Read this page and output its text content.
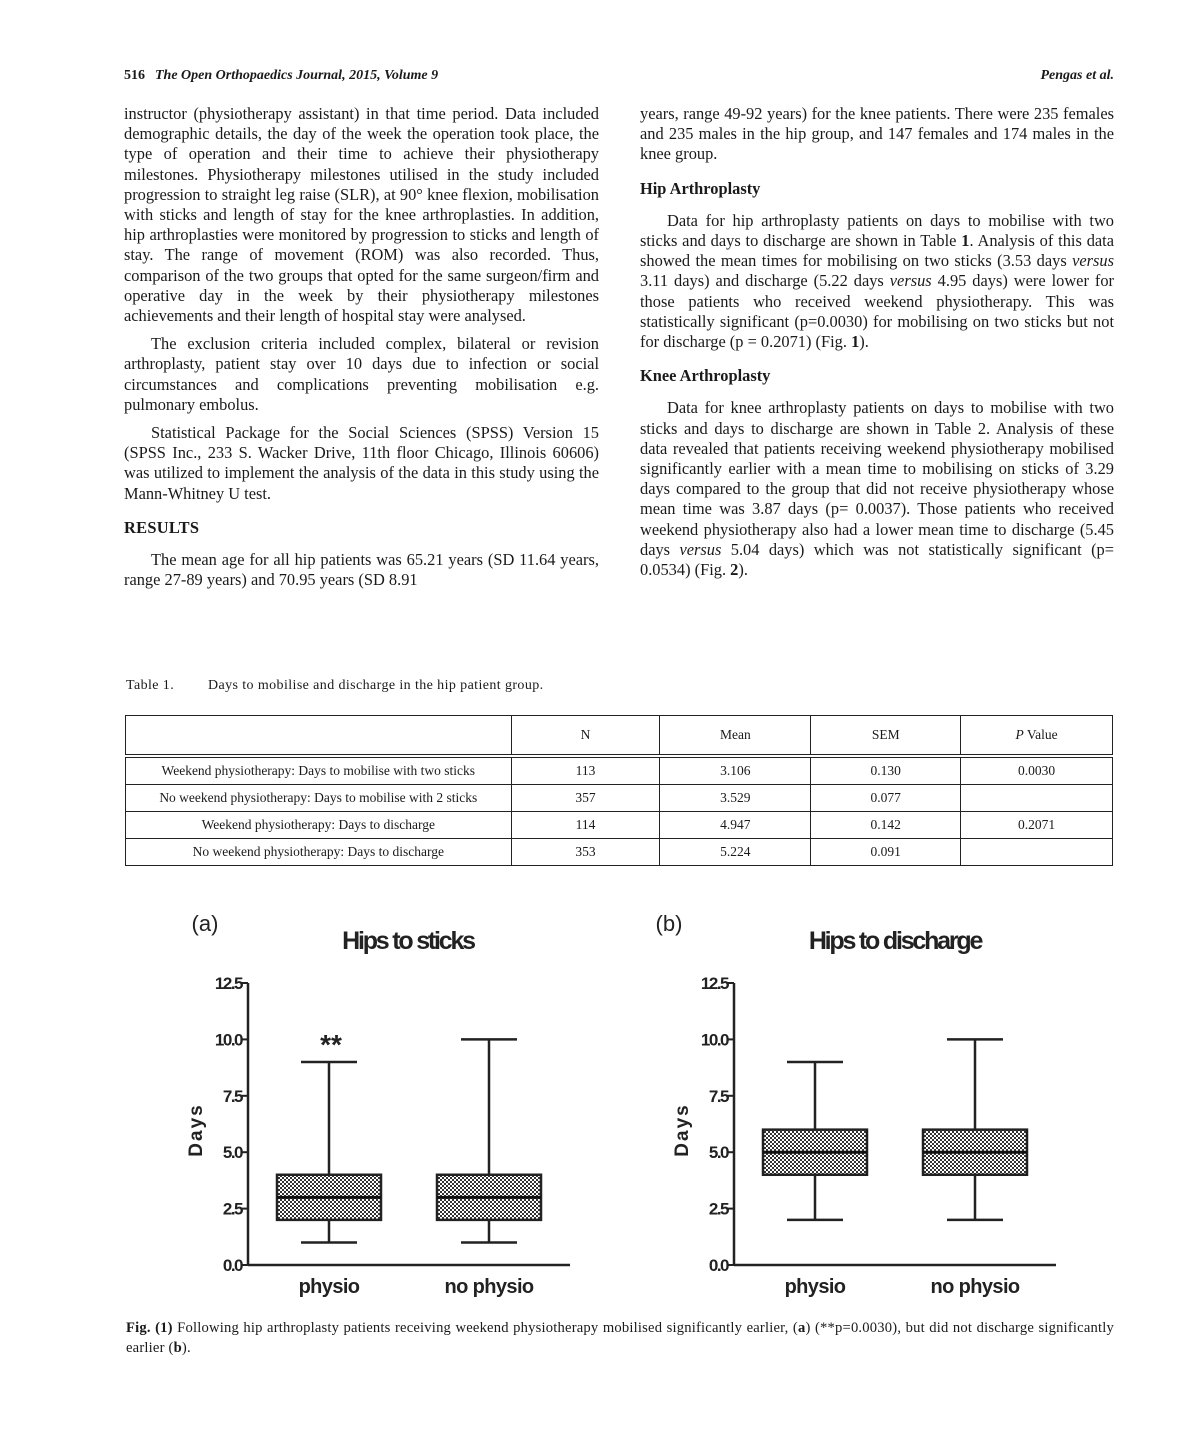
516 The Open Orthopaedics Journal, 2015, Volume 9	Pengas et al.

instructor (physiotherapy assistant) in that time period. Data included demographic details, the day of the week the operation took place, the type of operation and their time to achieve their physiotherapy milestones. Physiotherapy milestones utilised in the study included progression to straight leg raise (SLR), at 90° knee flexion, mobilisation with sticks and length of stay for the knee arthroplasties. In addition, hip arthroplasties were monitored by progression to sticks and length of stay. The range of movement (ROM) was also recorded. Thus, comparison of the two groups that opted for the same surgeon/firm and operative day in the week by their physiotherapy milestones achievements and their length of hospital stay were analysed.

The exclusion criteria included complex, bilateral or revision arthroplasty, patient stay over 10 days due to infection or social circumstances and complications preventing mobilisation e.g. pulmonary embolus.

Statistical Package for the Social Sciences (SPSS) Version 15 (SPSS Inc., 233 S. Wacker Drive, 11th floor Chicago, Illinois 60606) was utilized to implement the analysis of the data in this study using the Mann-Whitney U test.

RESULTS

The mean age for all hip patients was 65.21 years (SD 11.64 years, range 27-89 years) and 70.95 years (SD 8.91

years, range 49-92 years) for the knee patients. There were 235 females and 235 males in the hip group, and 147 females and 174 males in the knee group.

Hip Arthroplasty

Data for hip arthroplasty patients on days to mobilise with two sticks and days to discharge are shown in Table 1. Analysis of this data showed the mean times for mobilising on two sticks (3.53 days versus 3.11 days) and discharge (5.22 days versus 4.95 days) were lower for those patients who received weekend physiotherapy. This was statistically significant (p=0.0030) for mobilising on two sticks but not for discharge (p = 0.2071) (Fig. 1).

Knee Arthroplasty

Data for knee arthroplasty patients on days to mobilise with two sticks and days to discharge are shown in Table 2. Analysis of these data revealed that patients receiving weekend physiotherapy mobilised significantly earlier with a mean time to mobilising on sticks of 3.29 days compared to the group that did not receive physiotherapy whose mean time was 3.87 days (p= 0.0037). Those patients who received weekend physiotherapy also had a lower mean time to discharge (5.45 days versus 5.04 days) which was not statistically significant (p= 0.0534) (Fig. 2).

Table 1. Days to mobilise and discharge in the hip patient group.
	N	Mean	SEM	P Value
Weekend physiotherapy: Days to mobilise with two sticks	113	3.106	0.130	0.0030
No weekend physiotherapy: Days to mobilise with 2 sticks	357	3.529	0.077	
Weekend physiotherapy: Days to discharge	114	4.947	0.142	0.2071
No weekend physiotherapy: Days to discharge	353	5.224	0.091	
(a)
Hips to sticks
0.0
2.5
5.0
7.5
10.0
12.5
Days
physio	no physio
**
(b)
Hips to discharge
0.0
2.5
5.0
7.5
10.0
12.5
Days
physio	no physio
Fig. (1) Following hip arthroplasty patients receiving weekend physiotherapy mobilised significantly earlier, (a) (**p=0.0030), but did not discharge significantly earlier (b).
